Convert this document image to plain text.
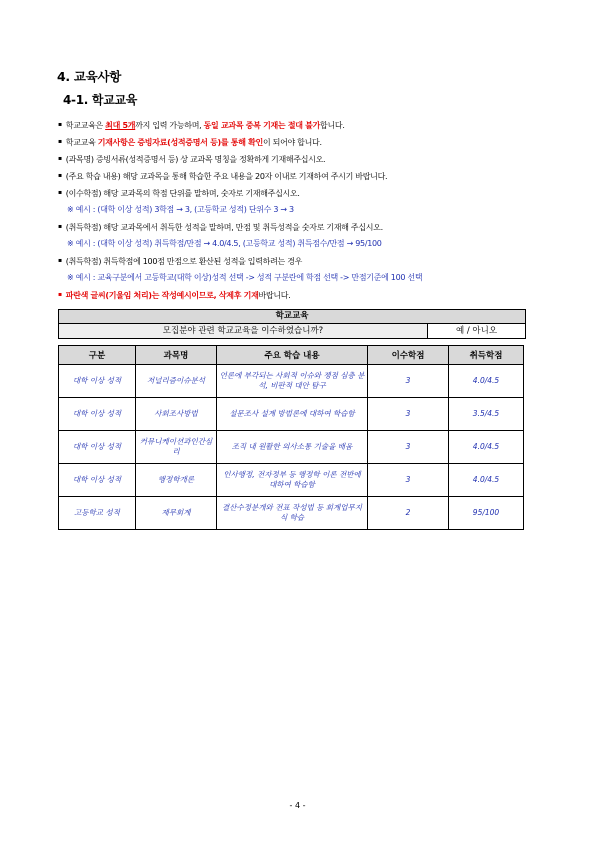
4. 교육사항
4-1. 학교교육
▪ 학교교육은 최대 5개까지 입력 가능하며, 동일 교과목 중복 기재는 절대 불가합니다.
▪ 학교교육 기재사항은 증빙자료(성적증명서 등)를 통해 확인이 되어야 합니다.
▪ (과목명) 증빙서류(성적증명서 등) 상 교과목 명칭을 정확하게 기재해주십시오.
▪ (주요 학습 내용) 해당 교과목을 통해 학습한 주요 내용을 20자 이내로 기재하여 주시기 바랍니다.
▪ (이수학점) 해당 교과목의 학점 단위를 말하며, 숫자로 기재해주십시오.
※ 예시 : (대학 이상 성적) 3학점 → 3, (고등학교 성적) 단위수 3 → 3
▪ (취득학점) 해당 교과목에서 취득한 성적을 말하며, 만점 및 취득성적을 숫자로 기재해 주십시오.
※ 예시 : (대학 이상 성적) 취득학점/만점 → 4.0/4.5, (고등학교 성적) 취득점수/만점 → 95/100
▪ (취득학점) 취득학점에 100점 만점으로 환산된 성적을 입력하려는 경우
※ 예시 : 교육구분에서 고등학교(대학 이상)성적 선택 -> 성적 구분란에 학점 선택 -> 만점기준에 100 선택
▪ 파란색 글씨(기울임 처리)는 작성예시이므로, 삭제후 기재바랍니다.
학교교육
모집분야 관련 학교교육을 이수하였습니까?	예 / 아니오
구분	과목명	주요 학습 내용	이수학점	취득학점
대학 이상 성적	저널리즘이슈분석	언론에 부각되는 사회적 이슈와 쟁점 심층 분석, 비판적 대안 탐구	3	4.0/4.5
대학 이상 성적	사회조사방법	설문조사 설계 방법론에 대하여 학습함	3	3.5/4.5
대학 이상 성적	커뮤니케이션과인간심리	조직 내 원활한 의사소통 기술을 배움	3	4.0/4.5
대학 이상 성적	행정학개론	인사행정, 전자정부 등 행정학 이론 전반에 대하여 학습함	3	4.0/4.5
고등학교 성적	재무회계	결산수정분개와 전표 작성법 등 회계업무지식 학습	2	95/100
- 4 -
